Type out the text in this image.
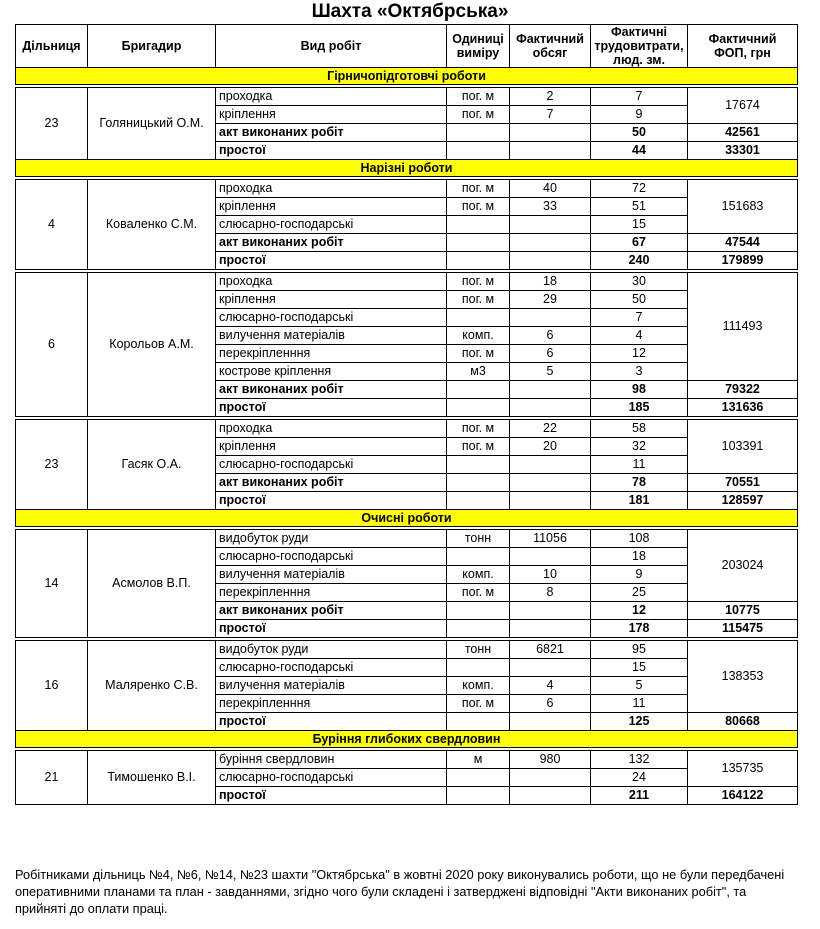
Шахта «Октябрська»
Дільниця	Бригадир	Вид робіт	Одиниці виміру	Фактичний обсяг	Фактичні трудовитрати, люд. зм.	Фактичний ФОП, грн
Гірничопідготовчі роботи						

23	Голяницький О.М.	проходка	пог. м	2	7	17674
		кріплення	пог. м	7	9	
		акт виконаних робіт			50	42561
		простої			44	33301
Нарізні роботи						

4	Коваленко С.М.	проходка	пог. м	40	72	151683
		кріплення	пог. м	33	51	
		слюсарно-господарські			15	
		акт виконаних робіт			67	47544
		простої			240	179899

6	Корольов А.М.	проходка	пог. м	18	30	111493
		кріплення	пог. м	29	50	
		слюсарно-господарські			7	
		вилучення матеріалів	комп.	6	4	
		перекріпленння	пог. м	6	12	
		кострове кріплення	м3	5	3	
		акт виконаних робіт			98	79322
		простої			185	131636

23	Гасяк О.А.	проходка	пог. м	22	58	103391
		кріплення	пог. м	20	32	
		слюсарно-господарські			11	
		акт виконаних робіт			78	70551
		простої			181	128597
Очисні роботи						

14	Асмолов В.П.	видобуток руди	тонн	11056	108	203024
		слюсарно-господарські			18	
		вилучення матеріалів	комп.	10	9	
		перекріпленння	пог. м	8	25	
		акт виконаних робіт			12	10775
		простої			178	115475

16	Маляренко С.В.	видобуток руди	тонн	6821	95	138353
		слюсарно-господарські			15	
		вилучення матеріалів	комп.	4	5	
		перекріпленння	пог. м	6	11	
		простої			125	80668
Буріння глибоких свердловин						

21	Тимошенко В.І.	буріння свердловин	м	980	132	135735
		слюсарно-господарські			24	
		простої			211	164122
Робітниками дільниць №4, №6, №14, №23 шахти "Октябрська" в жовтні 2020 року виконувались роботи, що не були передбачені оперативними планами та план - завданнями, згідно чого були складені і затверджені відповідні "Акти виконаних робіт", та прийняті до оплати праці.
